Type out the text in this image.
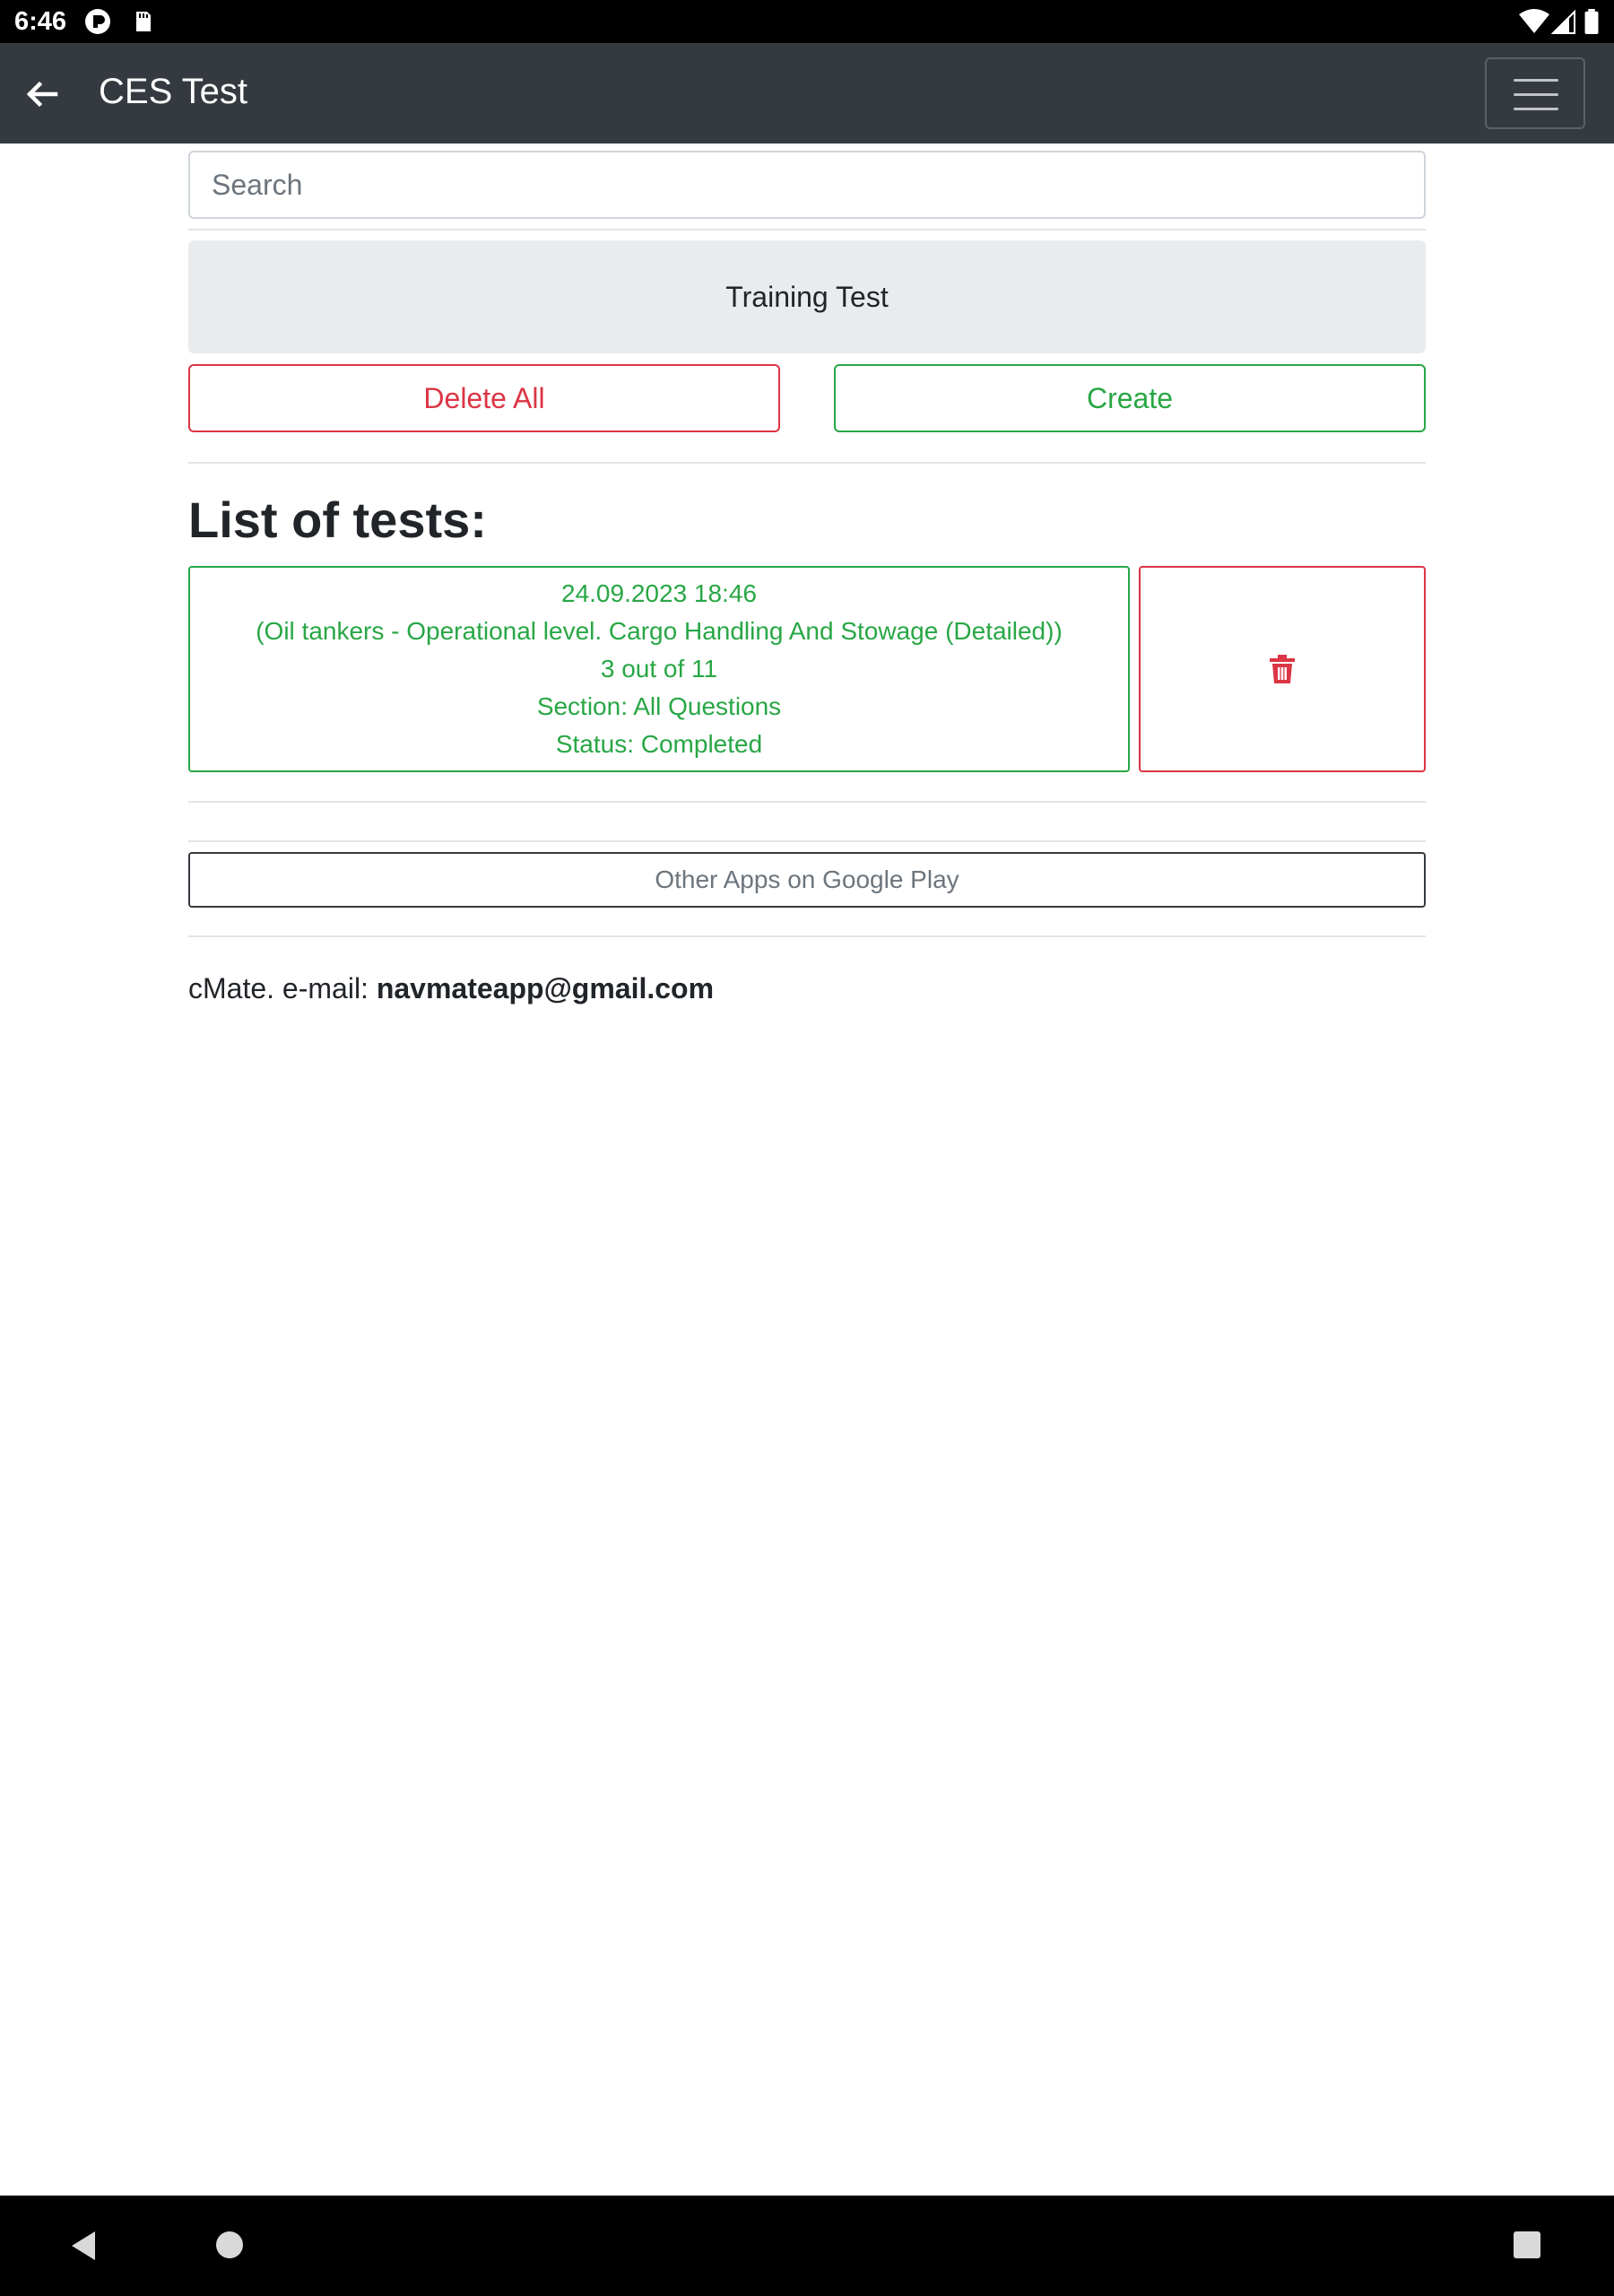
6:46
CES Test
Search
Training Test
Delete All	Create
List of tests:
24.09.2023 18:46
(Oil tankers - Operational level. Cargo Handling And Stowage (Detailed))
3 out of 11
Section: All Questions
Status: Completed
Other Apps on Google Play
cMate. e-mail: navmateapp@gmail.com
